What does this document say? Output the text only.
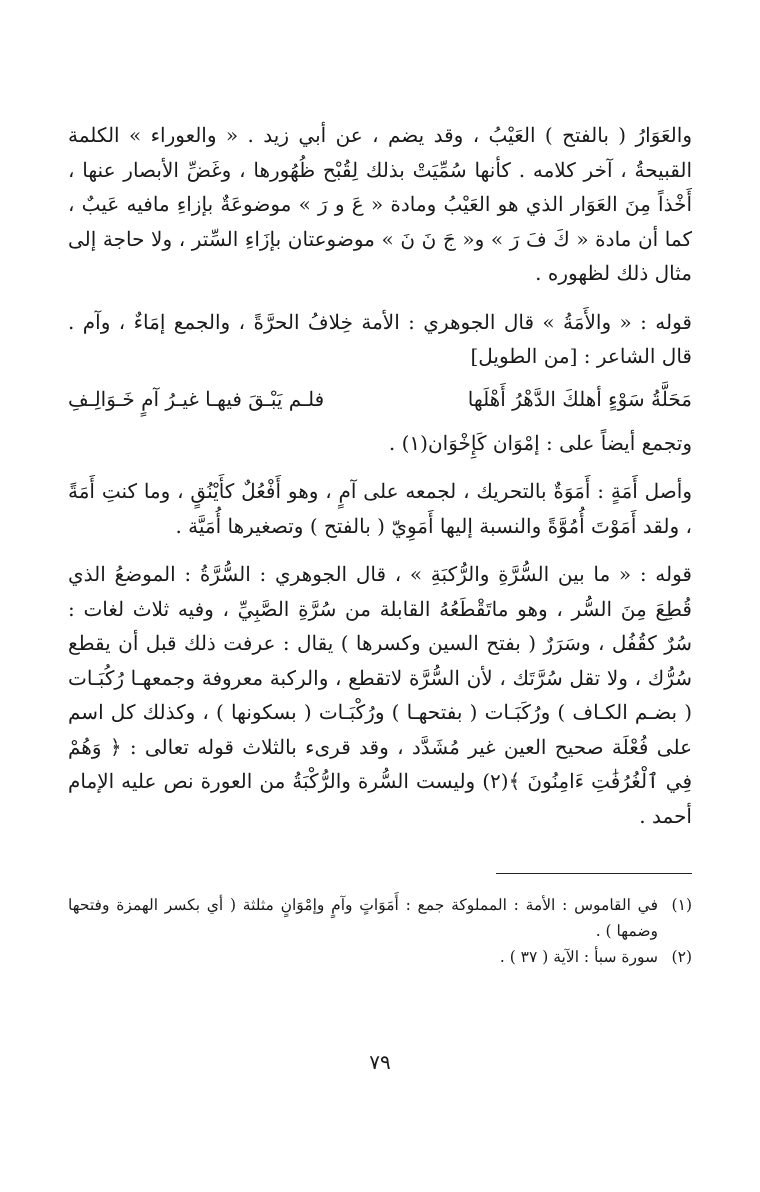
والعَوَارُ ( بالفتح ) العَيْبُ ، وقد يضم ، عن أبي زيد . « والعوراء » الكلمة القبيحةُ ، آخر كلامه . كأنها سُمِّيَتْ بذلك لِقُبْح ظُهُورها ، وغَضِّ الأبصار عنها ، أَخْذاً مِنَ العَوَار الذي هو العَيْبُ ومادة « عَ و رَ » موضوعَةٌ بإزاءِ مافيه عَيبٌ ، كما أن مادة « كَ فَ رَ » و« جَ نَ نَ » موضوعتان بإزَاءِ السِّتر ، ولا حاجة إلى مثال ذلك لظهوره .

قوله : « والأَمَةُ » قال الجوهري : الأمة خِلافُ الحرَّةً ، والجمع إمَاءٌ ، وآم . قال الشاعر : [من الطويل]

مَحَلَّةُ سَوْءٍ أهلكَ الدَّهْرُ أَهْلَها
فلـم يَبْـقَ فيهـا غيـرُ آمٍ خَـوَالِـفِ

وتجمع أيضاً على : إمْوَان كَإِخْوَان(١) .

وأصل أَمَةٍ : أَمَوَةٌ بالتحريك ، لجمعه على آمٍ ، وهو أَفْعُلٌ كأَيْنُقٍ ، وما كنتِ أَمَةً ، ولقد أَمَوْتَ أُمُوَّةً والنسبة إليها أَمَوِيّ ( بالفتح ) وتصغيرها أُمَيَّة .

قوله : « ما بين السُّرَّةِ والرُّكبَةِ » ، قال الجوهري : السُّرَّةُ : الموضعُ الذي قُطِعَ مِنَ السُّر ، وهو ماتَقْطَعُهُ القابلة من سُرَّةِ الصَّبِيِّ ، وفيه ثلاث لغات : سُرٌ كقُفُل ، وسَرَرٌ ( بفتح السين وكسرها ) يقال : عرفت ذلك قبل أن يقطع سُرُّك ، ولا تقل سُرَّتَك ، لأن السُّرَّة لاتقطع ، والركبة معروفة وجمعهـا رُكُبَـات ( بضـم الكـاف ) ورُكَبَـات ( بفتحهـا ) ورُكْبَـات ( بسكونها ) ، وكذلك كل اسم على فُعْلَة صحيح العين غير مُشَدَّد ، وقد قرىء بالثلاث قوله تعالى : ﴿ وَهُمْ فِي ٱلْغُرُفَٰتِ ءَامِنُونَ ﴾(٢) وليست السُّرة والرُّكْبَةُ من العورة نص عليه الإمام أحمد .

(١)
في القاموس : الأمة : المملوكة جمع : أَمَوَاتٍ وآمٍ وإمْوَانٍ مثلثة ( أي بكسر الهمزة وفتحها وضمها ) .
(٢)
سورة سبأ : الآية ( ٣٧ ) .
٧٩
